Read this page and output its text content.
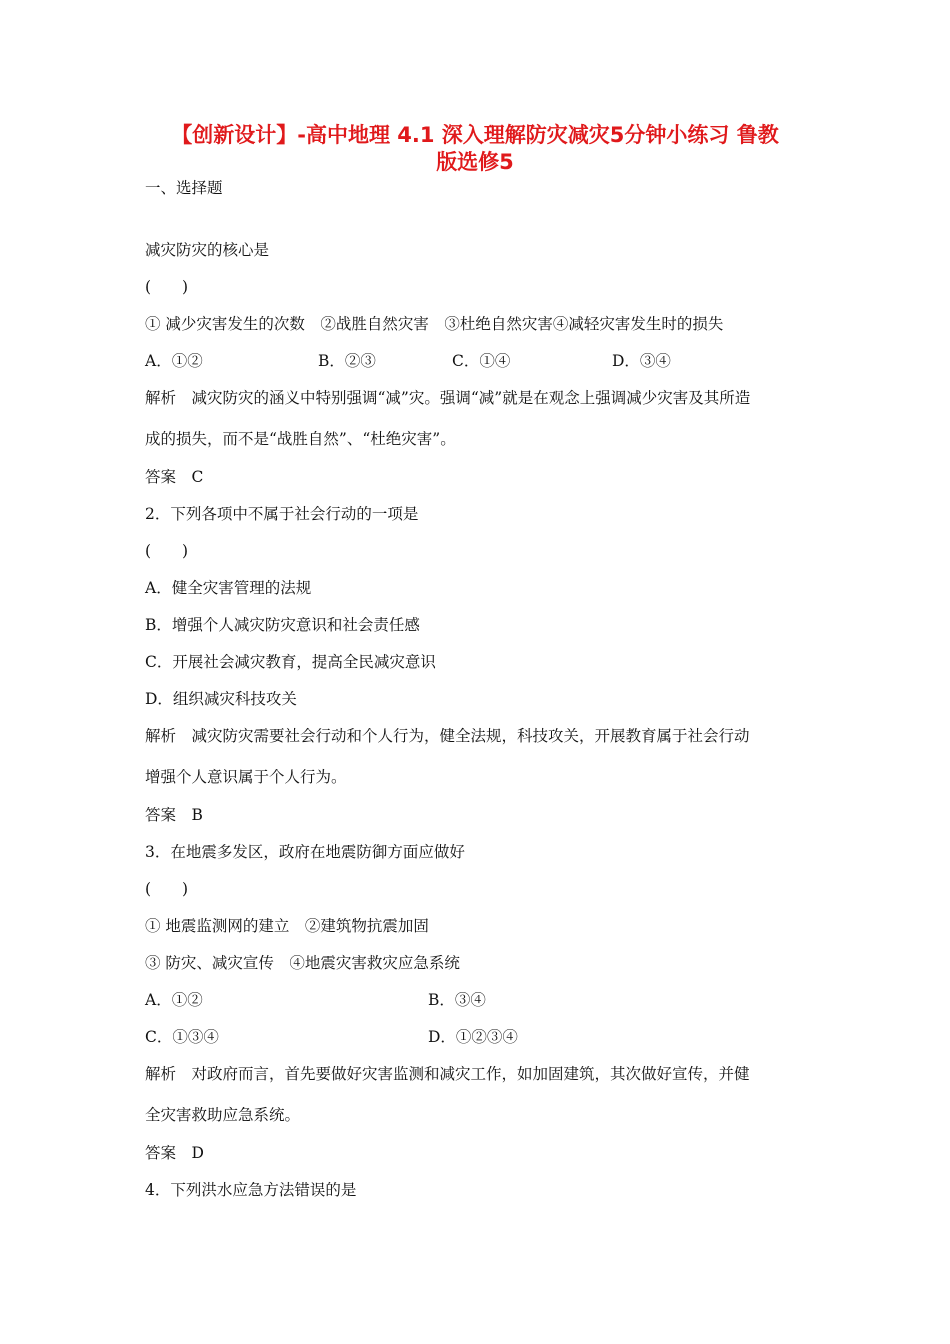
【创新设计】-高中地理 4.1 深入理解防灾减灾5分钟小练习 鲁教
版选修5
一、选择题
减灾防灾的核心是
(　　)
① 减少灾害发生的次数　②战胜自然灾害　③杜绝自然灾害④减轻灾害发生时的损失
A．①②	B．②③	C．①④	D．③④
解析　减灾防灾的涵义中特别强调“减”灾。强调“减”就是在观念上强调减少灾害及其所造
成的损失，而不是“战胜自然”、“杜绝灾害”。
答案　C
2．下列各项中不属于社会行动的一项是
(　　)
A．健全灾害管理的法规
B．增强个人减灾防灾意识和社会责任感
C．开展社会减灾教育，提高全民减灾意识
D．组织减灾科技攻关
解析　减灾防灾需要社会行动和个人行为，健全法规，科技攻关，开展教育属于社会行动
增强个人意识属于个人行为。
答案　B
3．在地震多发区，政府在地震防御方面应做好
(　　)
① 地震监测网的建立　②建筑物抗震加固
③ 防灾、减灾宣传　④地震灾害救灾应急系统
A．①②	B．③④
C．①③④	D．①②③④
解析　对政府而言，首先要做好灾害监测和减灾工作，如加固建筑，其次做好宣传，并健
全灾害救助应急系统。
答案　D
4．下列洪水应急方法错误的是
